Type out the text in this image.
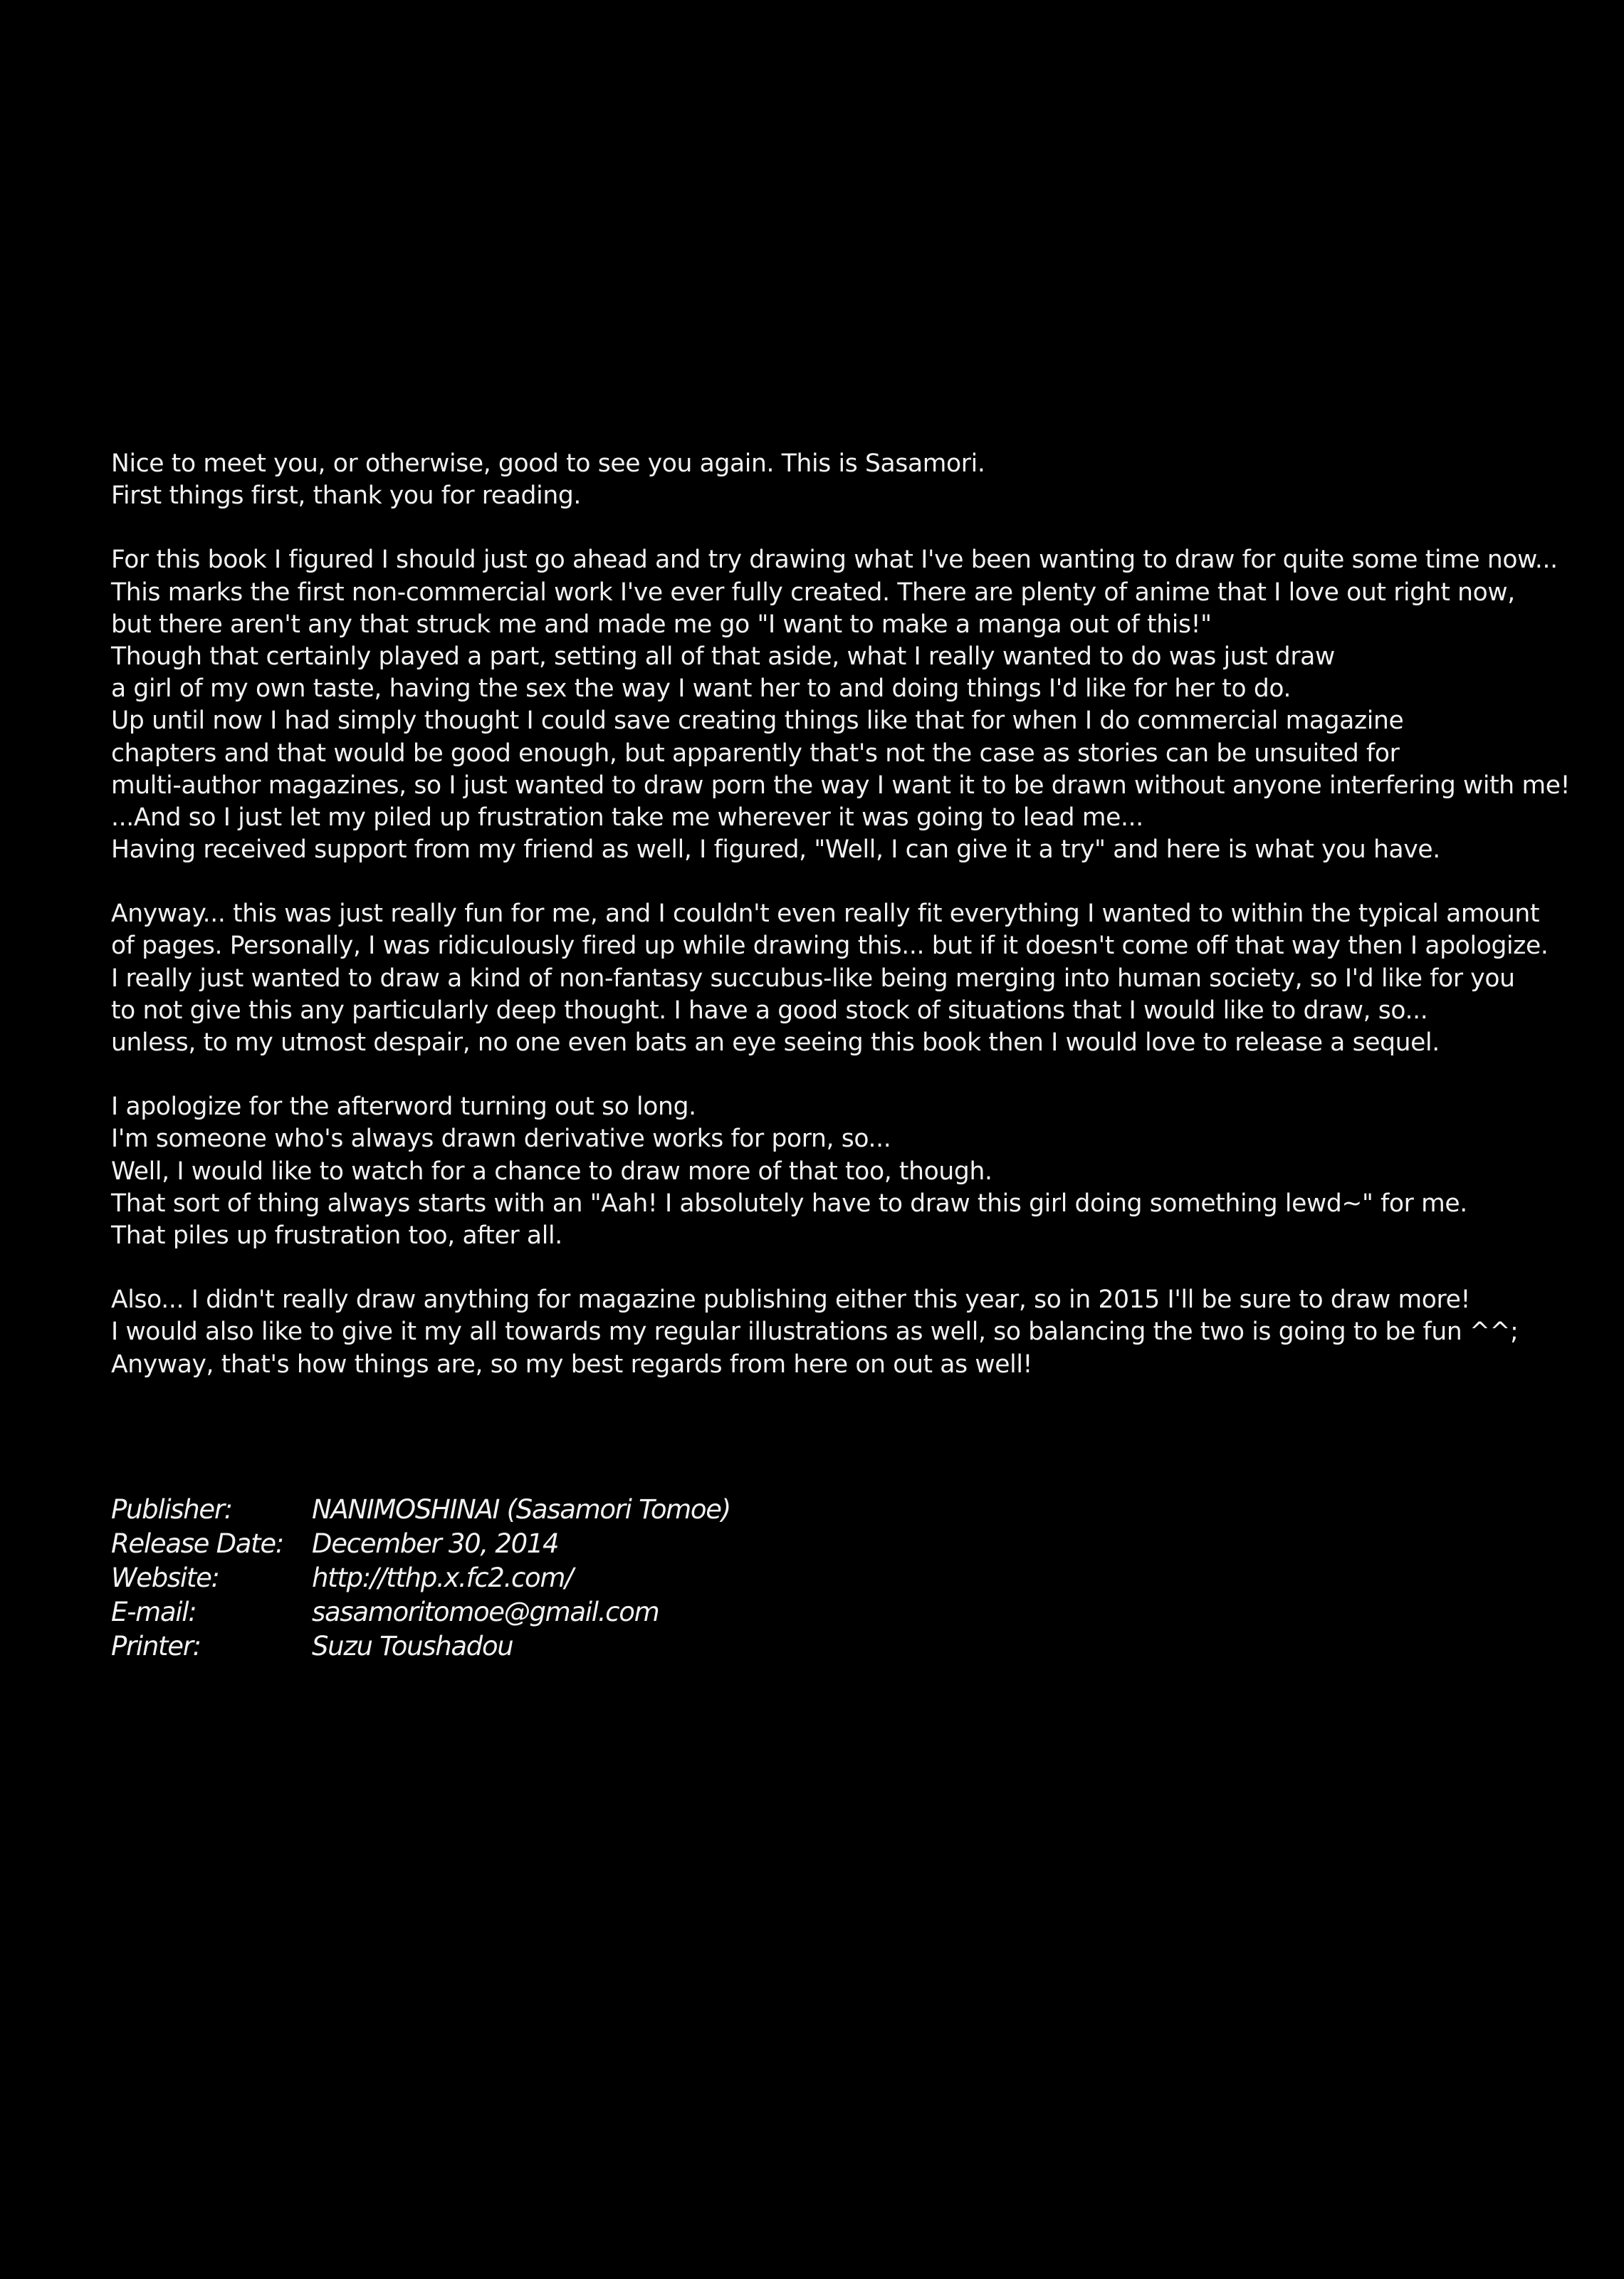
Nice to meet you, or otherwise, good to see you again. This is Sasamori.
First things first, thank you for reading.
For this book I figured I should just go ahead and try drawing what I've been wanting to draw for quite some time now...
This marks the first non-commercial work I've ever fully created. There are plenty of anime that I love out right now,
but there aren't any that struck me and made me go "I want to make a manga out of this!"
Though that certainly played a part, setting all of that aside, what I really wanted to do was just draw
a girl of my own taste, having the sex the way I want her to and doing things I'd like for her to do.
Up until now I had simply thought I could save creating things like that for when I do commercial magazine
chapters and that would be good enough, but apparently that's not the case as stories can be unsuited for
multi-author magazines, so I just wanted to draw porn the way I want it to be drawn without anyone interfering with me!
...And so I just let my piled up frustration take me wherever it was going to lead me...
Having received support from my friend as well, I figured, "Well, I can give it a try" and here is what you have.
Anyway... this was just really fun for me, and I couldn't even really fit everything I wanted to within the typical amount
of pages. Personally, I was ridiculously fired up while drawing this... but if it doesn't come off that way then I apologize.
I really just wanted to draw a kind of non-fantasy succubus-like being merging into human society, so I'd like for you
to not give this any particularly deep thought. I have a good stock of situations that I would like to draw, so...
unless, to my utmost despair, no one even bats an eye seeing this book then I would love to release a sequel.
I apologize for the afterword turning out so long.
I'm someone who's always drawn derivative works for porn, so...
Well, I would like to watch for a chance to draw more of that too, though.
That sort of thing always starts with an "Aah! I absolutely have to draw this girl doing something lewd~" for me.
That piles up frustration too, after all.
Also... I didn't really draw anything for magazine publishing either this year, so in 2015 I'll be sure to draw more!
I would also like to give it my all towards my regular illustrations as well, so balancing the two is going to be fun ^^;
Anyway, that's how things are, so my best regards from here on out as well!
Publisher:	NANIMOSHINAI (Sasamori Tomoe)
Release Date:	December 30, 2014
Website:	http://tthp.x.fc2.com/
E-mail:	sasamoritomoe@gmail.com
Printer:	Suzu Toushadou
